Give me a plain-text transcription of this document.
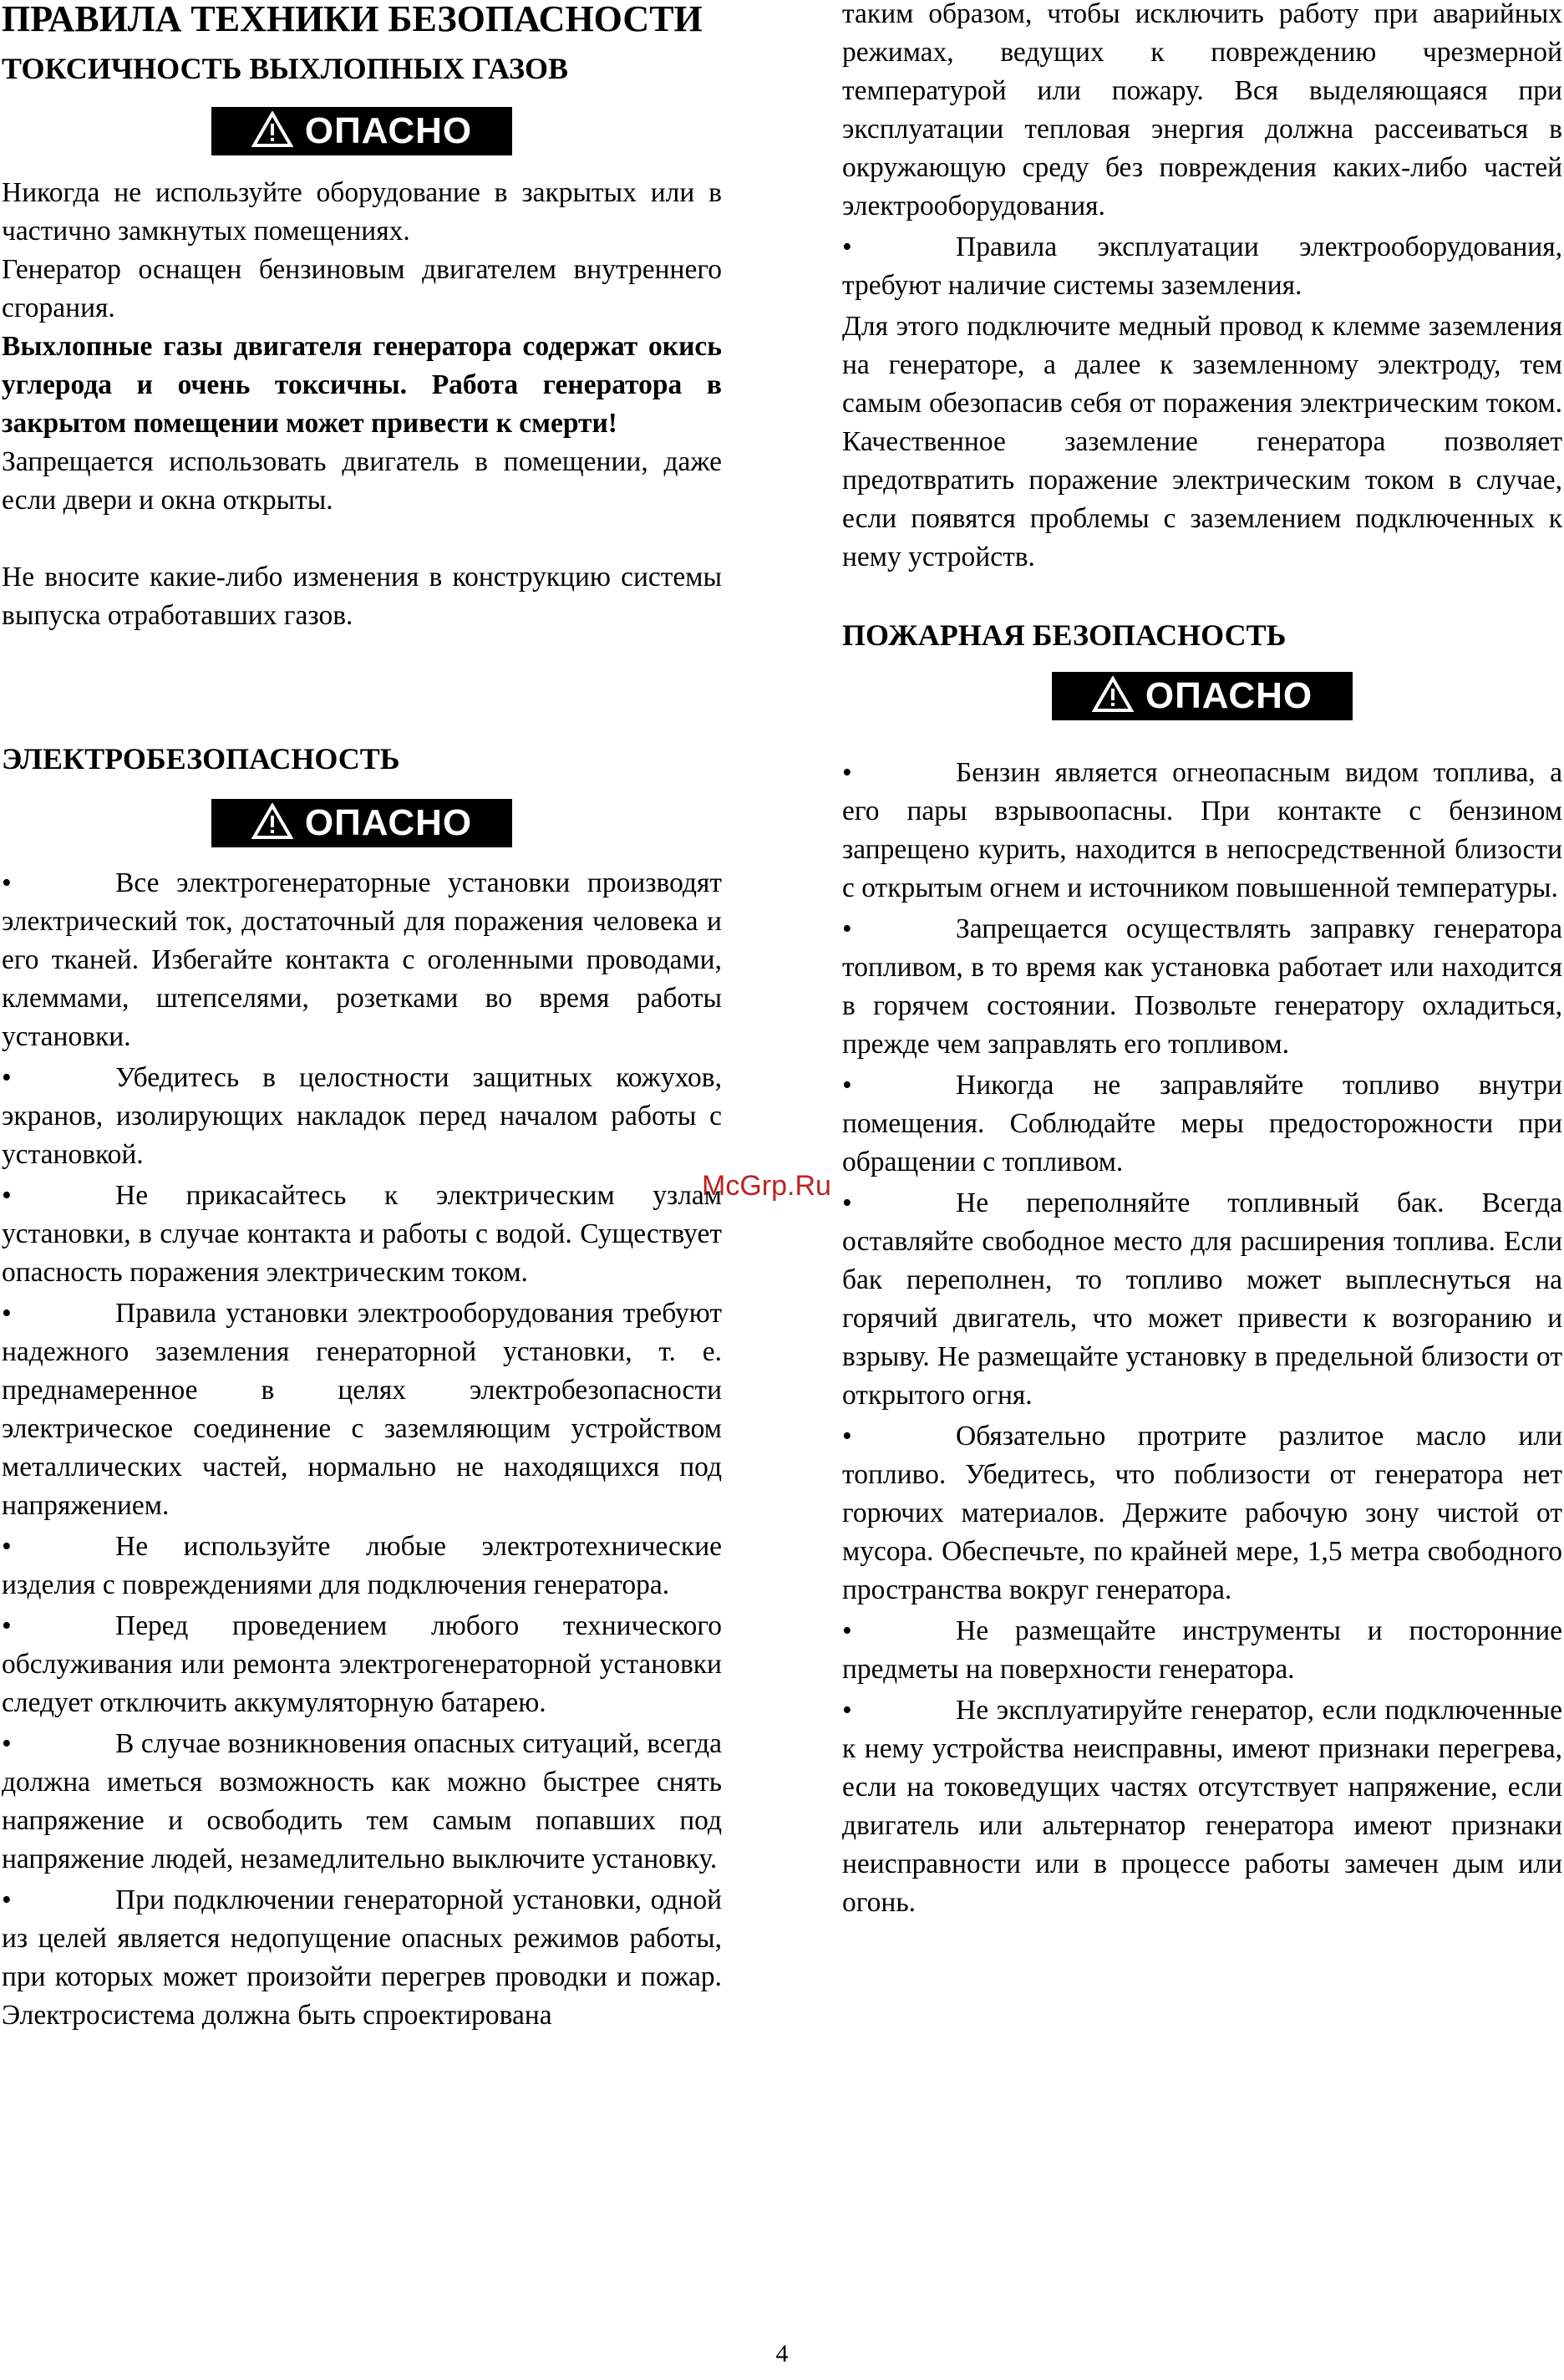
ПРАВИЛА ТЕХНИКИ БЕЗОПАСНОСТИ
ТОКСИЧНОСТЬ ВЫХЛОПНЫХ ГАЗОВ
ОПАСНО

Никогда не используйте оборудование в закрытых или в частично замкнутых помещениях.

Генератор оснащен бензиновым двигателем внутреннего сгорания.

Выхлопные газы двигателя генератора содержат окись углерода и очень токсичны. Работа генератора в закрытом помещении может привести к смерти!

Запрещается использовать двигатель в помещении, даже если двери и окна открыты.

Не вносите какие-либо изменения в конструкцию системы выпуска отработавших газов.

ЭЛЕКТРОБЕЗОПАСНОСТЬ
ОПАСНО

•	Все электрогенераторные установки производят электрический ток, достаточный для поражения человека и его тканей. Избегайте контакта с оголенными проводами, клеммами, штепселями, розетками во время работы установки.

•	Убедитесь в целостности защитных кожухов, экранов, изолирующих накладок перед началом работы с установкой.

•	Не прикасайтесь к электрическим узлам установки, в случае контакта и работы с водой. Существует опасность поражения электрическим током.

•	Правила установки электрооборудования требуют надежного заземления генераторной установки, т. е. преднамеренное в целях электробезопасности электрическое соединение с заземляющим устройством металлических частей, нормально не находящихся под напряжением.

•	Не используйте любые электротехнические изделия с повреждениями для подключения генератора.

•	Перед проведением любого технического обслуживания или ремонта электрогенераторной установки следует отключить аккумуляторную батарею.

•	В случае возникновения опасных ситуаций, всегда должна иметься возможность как можно быстрее снять напряжение и освободить тем самым попавших под напряжение людей, незамедлительно выключите установку.

•	При подключении генераторной установки, одной из целей является недопущение опасных режимов работы, при которых может произойти перегрев проводки и пожар. Электросистема должна быть спроектирована

таким образом, чтобы исключить работу при аварийных режимах, ведущих к повреждению чрезмерной температурой или пожару. Вся выделяющаяся при эксплуатации тепловая энергия должна рассеиваться в окружающую среду без повреждения каких-либо частей электрооборудования.

•	Правила эксплуатации электрооборудования, требуют наличие системы заземления.

Для этого подключите медный провод к клемме заземления на генераторе, а далее к заземленному электроду, тем самым обезопасив себя от поражения электрическим током. Качественное заземление генератора позволяет предотвратить поражение электрическим током в случае, если появятся проблемы с заземлением подключенных к нему устройств.

ПОЖАРНАЯ БЕЗОПАСНОСТЬ
ОПАСНО

•	Бензин является огнеопасным видом топлива, а его пары взрывоопасны. При контакте с бензином запрещено курить, находится в непосредственной близости с открытым огнем и источником повышенной температуры.

•	Запрещается осуществлять заправку генератора топливом, в то время как установка работает или находится в горячем состоянии. Позвольте генератору охладиться, прежде чем заправлять его топливом.

•	Никогда не заправляйте топливо внутри помещения. Соблюдайте меры предосторожности при обращении с топливом.

•	Не переполняйте топливный бак. Всегда оставляйте свободное место для расширения топлива. Если бак переполнен, то топливо может выплеснуться на горячий двигатель, что может привести к возгоранию и взрыву. Не размещайте установку в предельной близости от открытого огня.

•	Обязательно протрите разлитое масло или топливо. Убедитесь, что поблизости от генератора нет горючих материалов. Держите рабочую зону чистой от мусора. Обеспечьте, по крайней мере, 1,5 метра свободного пространства вокруг генератора.

•	Не размещайте инструменты и посторонние предметы на поверхности генератора.

•	Не эксплуатируйте генератор, если подключенные к нему устройства неисправны, имеют признаки перегрева, если на токоведущих частях отсутствует напряжение, если двигатель или альтернатор генератора имеют признаки неисправности или в процессе работы замечен дым или огонь.

McGrp.Ru
4
